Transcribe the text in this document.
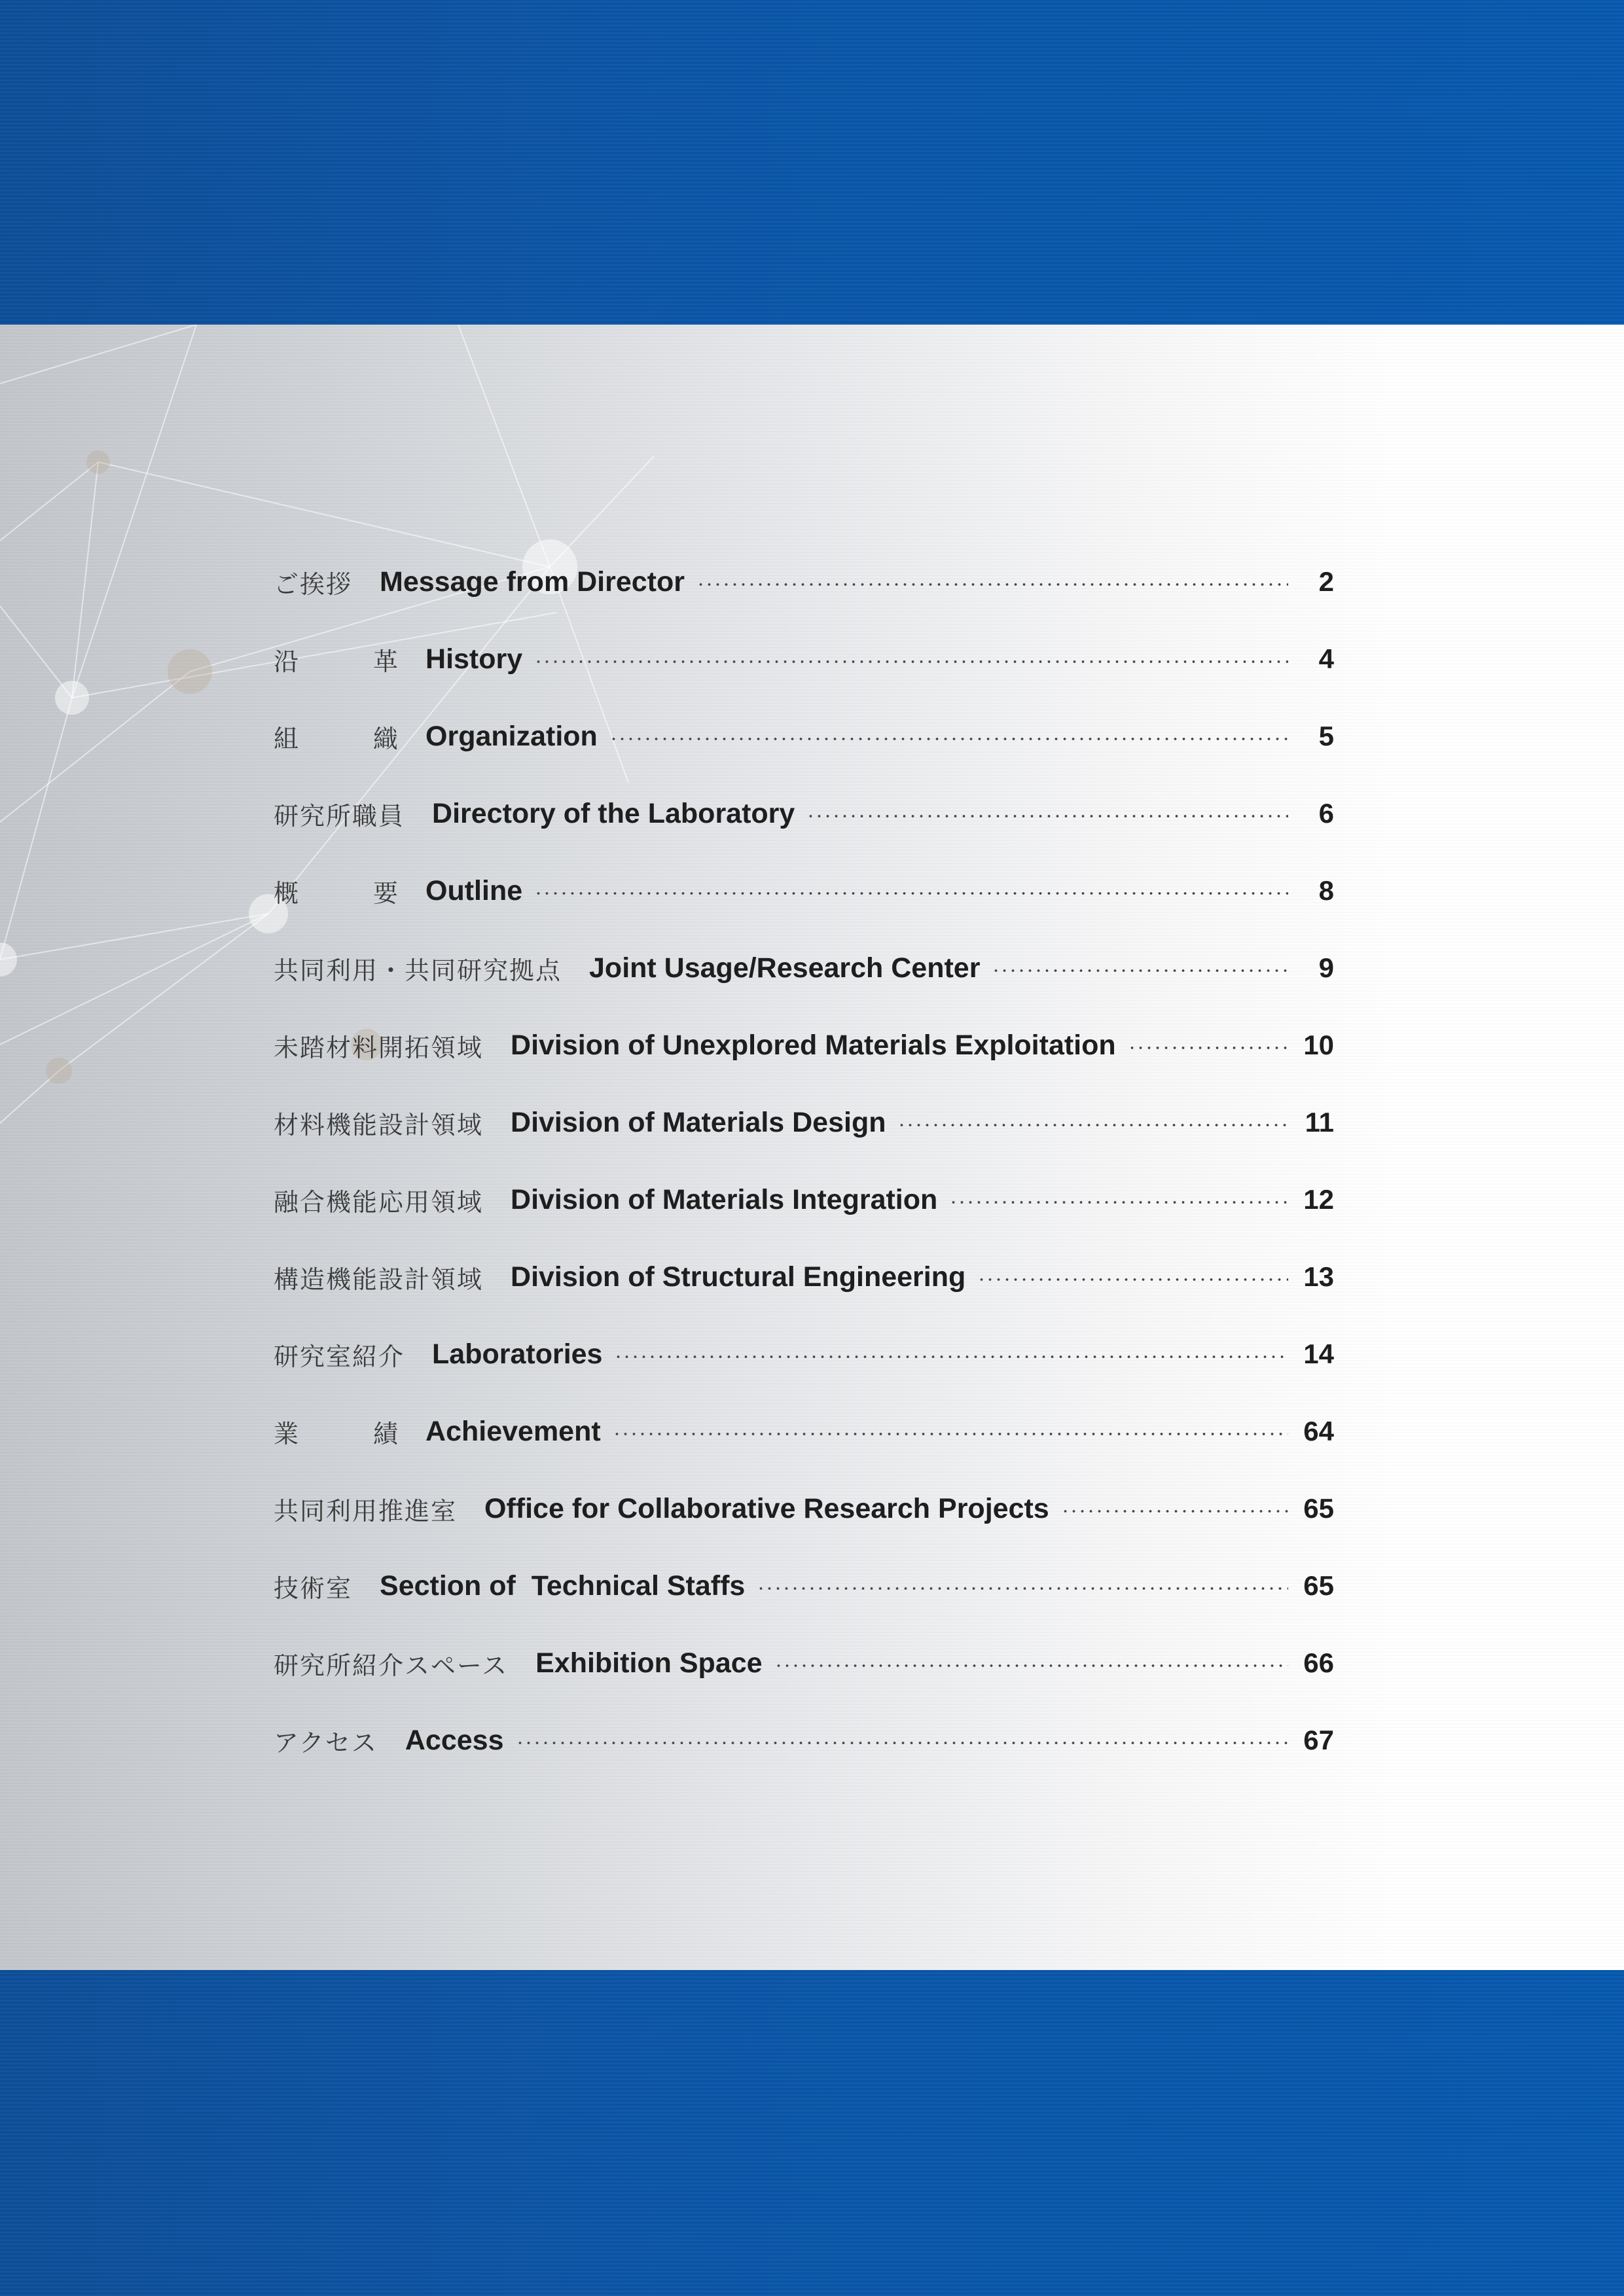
ご挨拶 Message from Director	2
沿　革 History	4
組　織 Organization	5
研究所職員 Directory of the Laboratory	6
概　要 Outline	8
共同利用・共同研究拠点 Joint Usage/Research Center	9
未踏材料開拓領域 Division of Unexplored Materials Exploitation	10
材料機能設計領域 Division of Materials Design	11
融合機能応用領域 Division of Materials Integration	12
構造機能設計領域 Division of Structural Engineering	13
研究室紹介 Laboratories	14
業　績 Achievement	64
共同利用推進室 Office for Collaborative Research Projects	65
技術室 Section of  Technical Staffs	65
研究所紹介スペース Exhibition Space	66
アクセス Access	67
